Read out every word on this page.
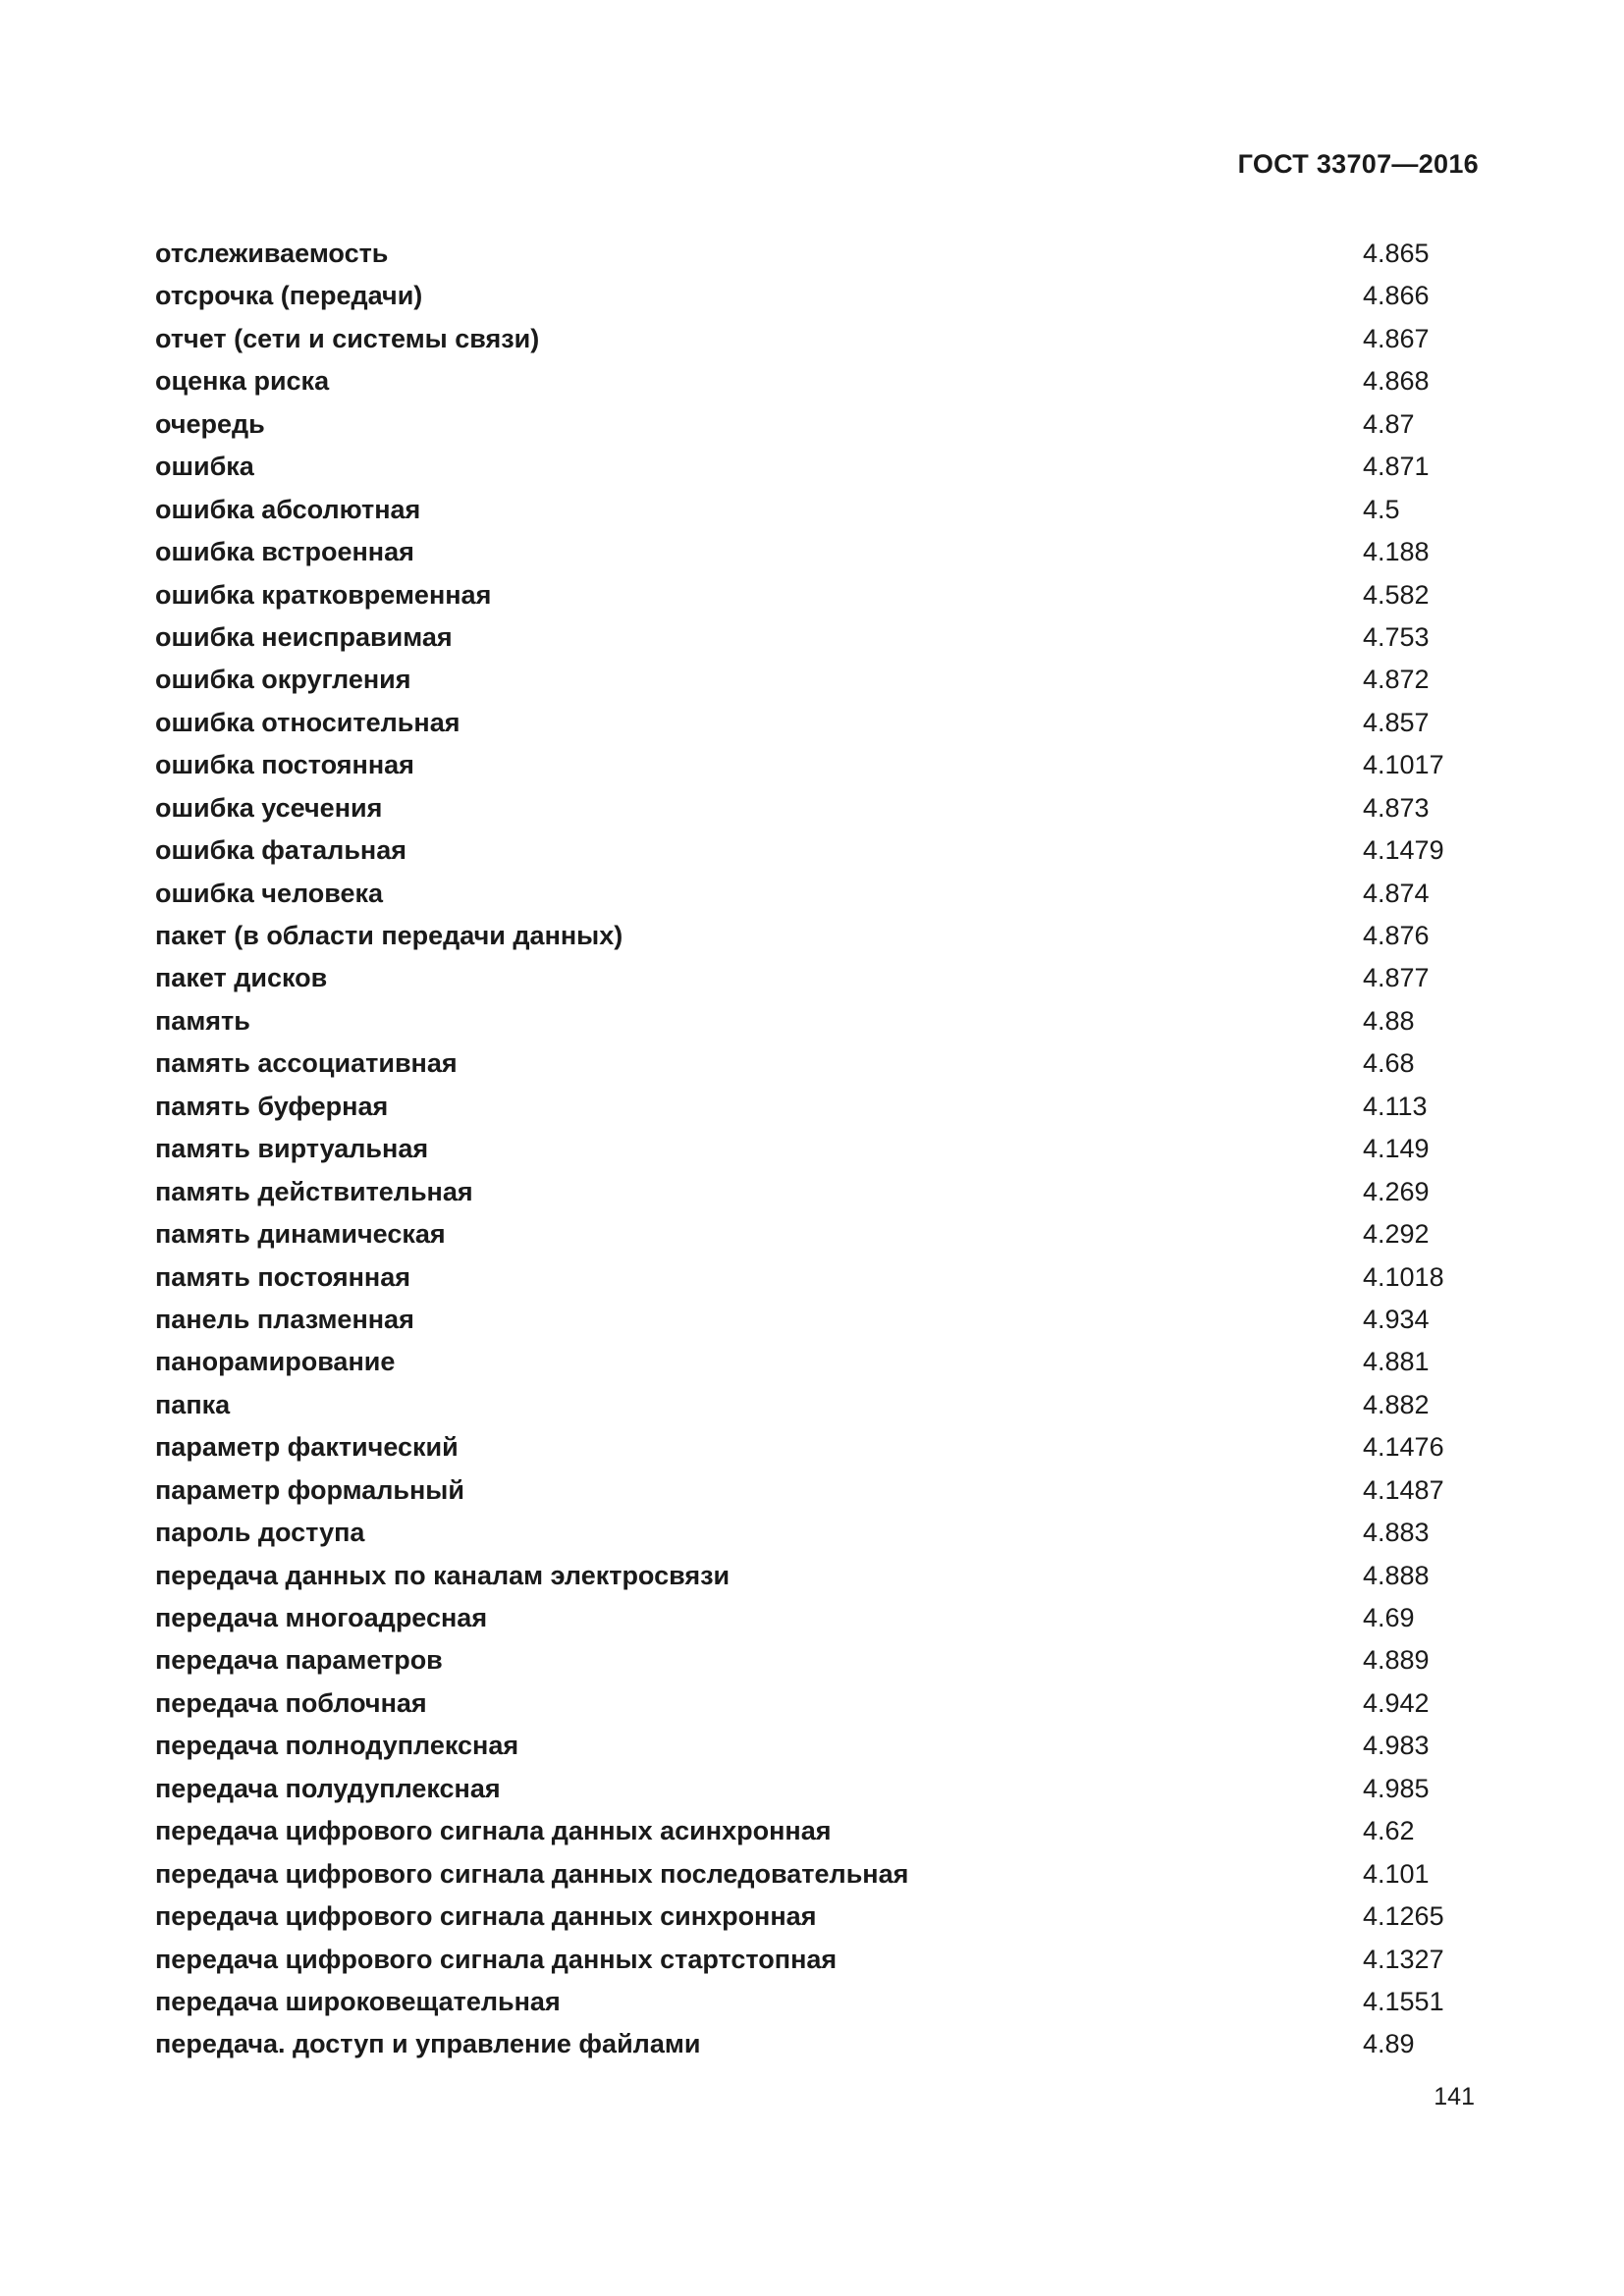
ГОСТ 33707—2016
отслеживаемость	4.865
отсрочка (передачи)	4.866
отчет (сети и системы связи)	4.867
оценка риска	4.868
очередь	4.87
ошибка	4.871
ошибка абсолютная	4.5
ошибка встроенная	4.188
ошибка кратковременная	4.582
ошибка неисправимая	4.753
ошибка округления	4.872
ошибка относительная	4.857
ошибка постоянная	4.1017
ошибка усечения	4.873
ошибка фатальная	4.1479
ошибка человека	4.874
пакет (в области передачи данных)	4.876
пакет дисков	4.877
память	4.88
память ассоциативная	4.68
память буферная	4.113
память виртуальная	4.149
память действительная	4.269
память динамическая	4.292
память постоянная	4.1018
панель плазменная	4.934
панорамирование	4.881
папка	4.882
параметр фактический	4.1476
параметр формальный	4.1487
пароль доступа	4.883
передача данных по каналам электросвязи	4.888
передача многоадресная	4.69
передача параметров	4.889
передача поблочная	4.942
передача полнодуплексная	4.983
передача полудуплексная	4.985
передача цифрового сигнала данных асинхронная	4.62
передача цифрового сигнала данных последовательная	4.101
передача цифрового сигнала данных синхронная	4.1265
передача цифрового сигнала данных стартстопная	4.1327
передача широковещательная	4.1551
передача. доступ и управление файлами	4.89
141
